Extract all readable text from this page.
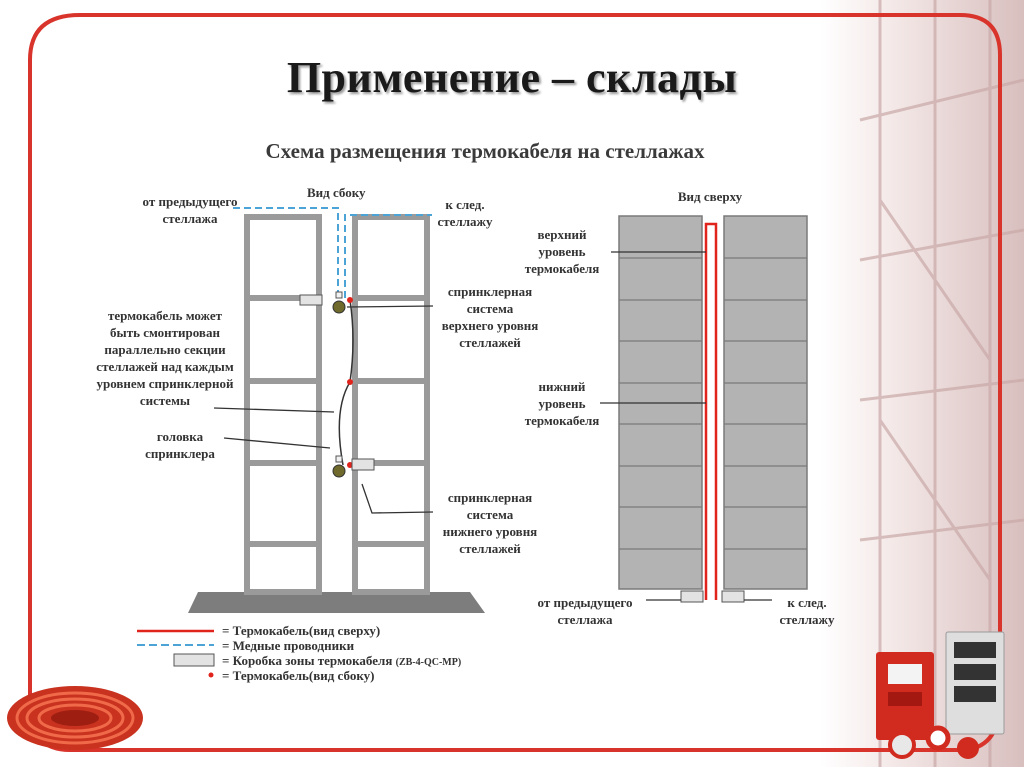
Применение – склады
Схема размещения термокабеля на стеллажах
Вид сбоку
от предыдущего
стеллажа
к след.
стеллажу
термокабель может
быть смонтирован
параллельно секции
стеллажей над каждым
уровнем спринклерной
системы
головка
спринклера
спринклерная
система
верхнего уровня
стеллажей
спринклерная
система
нижнего уровня
стеллажей
Вид сверху
верхний
уровень
термокабеля
нижний
уровень
термокабеля
от предыдущего
стеллажа
к след.
стеллажу
= Термокабель(вид сверху)
= Медные проводники
= Коробка зоны термокабеля (ZB-4-QC-MP)
= Термокабель(вид сбоку)
